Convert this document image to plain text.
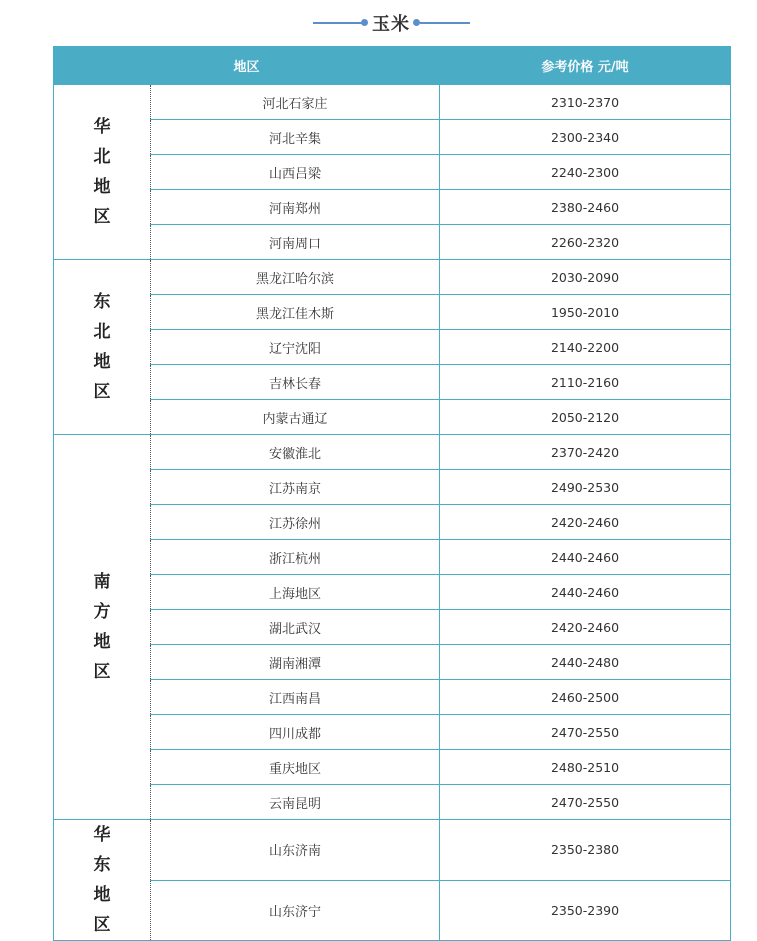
玉米
地区		参考价格 元/吨
华北地区	河北石家庄	2310-2370
	河北辛集	2300-2340
	山西吕梁	2240-2300
	河南郑州	2380-2460
	河南周口	2260-2320
东北地区	黑龙江哈尔滨	2030-2090
	黑龙江佳木斯	1950-2010
	辽宁沈阳	2140-2200
	吉林长春	2110-2160
	内蒙古通辽	2050-2120
南方地区	安徽淮北	2370-2420
	江苏南京	2490-2530
	江苏徐州	2420-2460
	浙江杭州	2440-2460
	上海地区	2440-2460
	湖北武汉	2420-2460
	湖南湘潭	2440-2480
	江西南昌	2460-2500
	四川成都	2470-2550
	重庆地区	2480-2510
	云南昆明	2470-2550
华东地区	山东济南	2350-2380
	山东济宁	2350-2390
